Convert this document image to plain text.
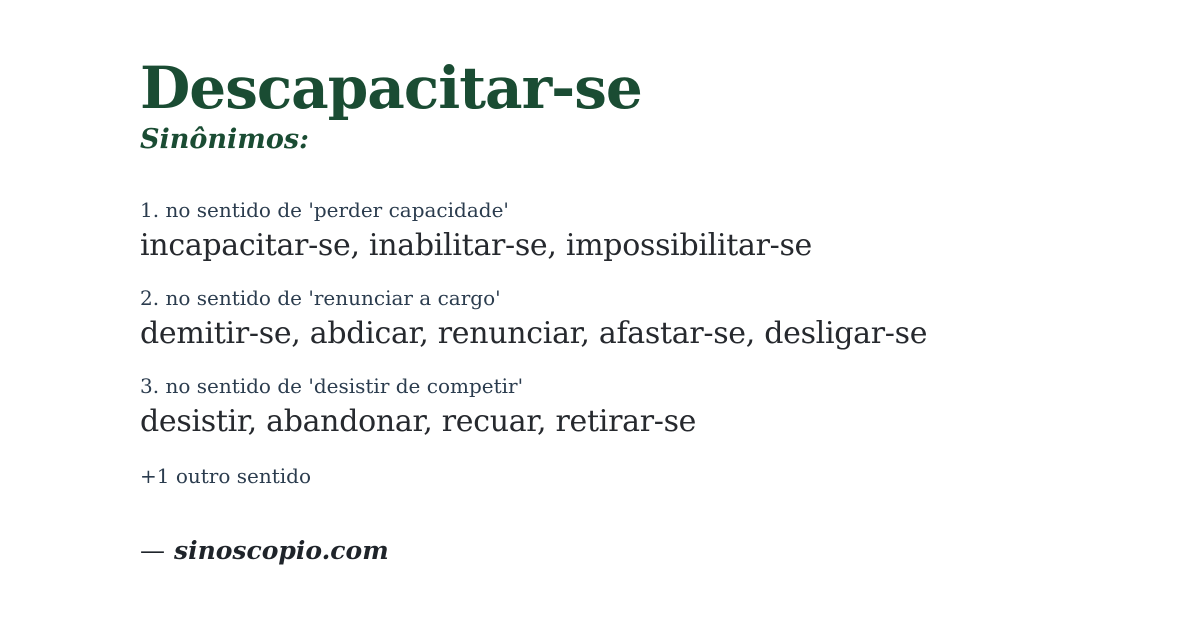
Descapacitar-se
Sinônimos:
1. no sentido de 'perder capacidade'
incapacitar-se, inabilitar-se, impossibilitar-se
2. no sentido de 'renunciar a cargo'
demitir-se, abdicar, renunciar, afastar-se, desligar-se
3. no sentido de 'desistir de competir'
desistir, abandonar, recuar, retirar-se
+1 outro sentido
— sinoscopio.com
